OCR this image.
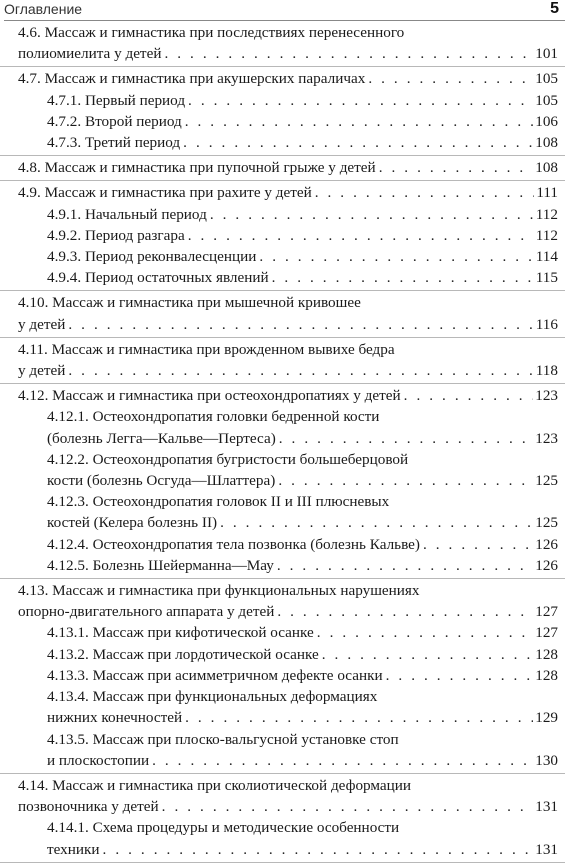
Оглавление	5
4.6. Массаж и гимнастика при последствиях перенесенного
полиомиелита у детей . . .	101
4.7. Массаж и гимнастика при акушерских параличах . . .	105
4.7.1. Первый период . . .	105
4.7.2. Второй период . . .	106
4.7.3. Третий период . . .	108
4.8. Массаж и гимнастика при пупочной грыже у детей . . .	108
4.9. Массаж и гимнастика при рахите у детей . . .	111
4.9.1. Начальный период . . .	112
4.9.2. Период разгара . . .	112
4.9.3. Период реконвалесценции . . .	114
4.9.4. Период остаточных явлений . . .	115
4.10. Массаж и гимнастика при мышечной кривошее
у детей . . .	116
4.11. Массаж и гимнастика при врожденном вывихе бедра
у детей . . .	118
4.12. Массаж и гимнастика при остеохондропатиях у детей . . .	123
4.12.1. Остеохондропатия головки бедренной кости
(болезнь Легга—Кальве—Пертеса) . . .	123
4.12.2. Остеохондропатия бугристости большеберцовой
кости (болезнь Осгуда—Шлаттера) . . .	125
4.12.3. Остеохондропатия головок II и III плюсневых
костей (Келера болезнь II) . . .	125
4.12.4. Остеохондропатия тела позвонка (болезнь Кальве) . . .	126
4.12.5. Болезнь Шейерманна—Мау . . .	126
4.13. Массаж и гимнастика при функциональных нарушениях
опорно-двигательного аппарата у детей . . .	127
4.13.1. Массаж при кифотической осанке . . .	127
4.13.2. Массаж при лордотической осанке . . .	128
4.13.3. Массаж при асимметричном дефекте осанки . . .	128
4.13.4. Массаж при функциональных деформациях
нижних конечностей . . .	129
4.13.5. Массаж при плоско-вальгусной установке стоп
и плоскостопии . . .	130
4.14. Массаж и гимнастика при сколиотической деформации
позвоночника у детей . . .	131
4.14.1. Схема процедуры и методические особенности
техники . . .	131
